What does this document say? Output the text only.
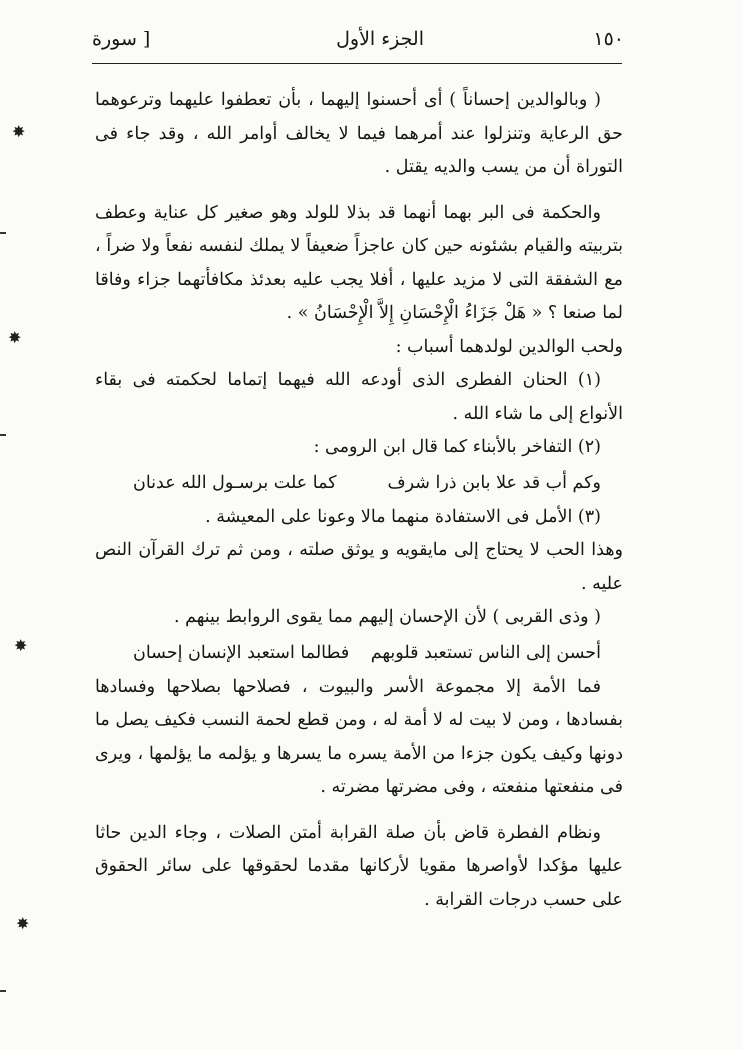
١٥٠
الجزء الأول
[ سورة

( وبالوالدين إحساناً ) أى أحسنوا إليهما ، بأن تعطفوا عليهما وترعوهما حق الرعاية وتنزلوا عند أمرهما فيما لا يخالف أوامر الله ، وقد جاء فى التوراة أن من يسب والديه يقتل .

والحكمة فى البر بهما أنهما قد بذلا للولد وهو صغير كل عناية وعطف بتربيته والقيام بشئونه حين كان عاجزاً ضعيفاً لا يملك لنفسه نفعاً ولا ضراً ، مع الشفقة التى لا مزيد عليها ، أفلا يجب عليه بعدئذ مكافأتهما جزاء وفاقا لما صنعا ؟ « هَلْ جَزَاءُ الْإِحْسَانِ إِلاَّ الْإِحْسَانُ » .

ولحب الوالدين لولدهما أسباب :

(١) الحنان الفطرى الذى أودعه الله فيهما إتماما لحكمته فى بقاء الأنواع إلى ما شاء الله .

(٢) التفاخر بالأبناء كما قال ابن الرومى :

وكم أب قد علا بابن ذرا شرف
كما علت برسـول الله عدنان

(٣) الأمل فى الاستفادة منهما مالا وعونا على المعيشة .

وهذا الحب لا يحتاج إلى مايقويه و يوثق صلته ، ومن ثم ترك القرآن النص عليه .

( وذى القربى ) لأن الإحسان إليهم مما يقوى الروابط بينهم .

أحسن إلى الناس تستعبد قلوبهم
فطالما استعبد الإنسان إحسان

فما الأمة إلا مجموعة الأسر والبيوت ، فصلاحها بصلاحها وفسادها بفسادها ، ومن لا بيت له لا أمة له ، ومن قطع لحمة النسب فكيف يصل ما دونها وكيف يكون جزءا من الأمة يسره ما يسرها و يؤلمه ما يؤلمها ، ويرى فى منفعتها منفعته ، وفى مضرتها مضرته .

ونظام الفطرة قاض بأن صلة القرابة أمتن الصلات ، وجاء الدين حاثا عليها مؤكدا لأواصرها مقويا لأركانها مقدما لحقوقها على سائر الحقوق على حسب درجات القرابة .

✸
✸
✸
✸
